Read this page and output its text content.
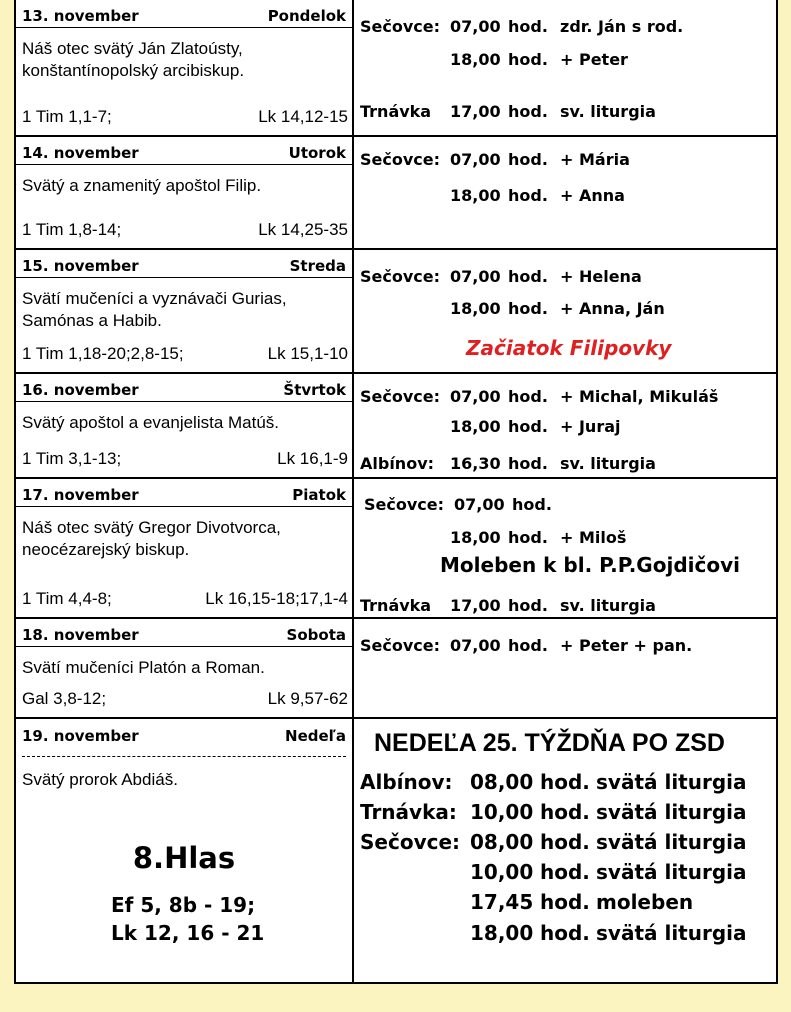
13. november	Pondelok
Náš otec svätý Ján Zlatoústy,
konštantínopolský arcibiskup.
1 Tim 1,1-7;	Lk 14,12-15
Sečovce: 07,00 hod. zdr. Ján s rod.
18,00 hod. + Peter
Trnávka 17,00 hod. sv. liturgia
14. november	Utorok
Svätý a znamenitý apoštol Filip.
1 Tim 1,8-14;	Lk 14,25-35
Sečovce: 07,00 hod. + Mária
18,00 hod. + Anna
15. november	Streda
Svätí mučeníci a vyznávači Gurias,
Samónas a Habib.
1 Tim 1,18-20;2,8-15;	Lk 15,1-10
Sečovce: 07,00 hod. + Helena
18,00 hod. + Anna, Ján
Začiatok Filipovky
16. november	Štvrtok
Svätý apoštol a evanjelista Matúš.
1 Tim 3,1-13;	Lk 16,1-9
Sečovce: 07,00 hod. + Michal, Mikuláš
18,00 hod. + Juraj
Albínov: 16,30 hod. sv. liturgia
17. november	Piatok
Náš otec svätý Gregor Divotvorca,
neocézarejský biskup.
1 Tim 4,4-8;	Lk 16,15-18;17,1-4
Sečovce: 07,00 hod.
18,00 hod. + Miloš
Moleben k bl. P.P.Gojdičovi
Trnávka 17,00 hod. sv. liturgia
18. november	Sobota
Svätí mučeníci Platón a Roman.
Gal 3,8-12;	Lk 9,57-62
Sečovce: 07,00 hod. + Peter + pan.
19. november	Nedeľa
Svätý prorok Abdiáš.
8.Hlas
Ef 5, 8b - 19;
Lk 12, 16 - 21
NEDEĽA 25. TÝŽDŇA PO ZSD
Albínov: 08,00 hod. svätá liturgia
Trnávka: 10,00 hod. svätá liturgia
Sečovce: 08,00 hod. svätá liturgia
10,00 hod. svätá liturgia
17,45 hod. moleben
18,00 hod. svätá liturgia
